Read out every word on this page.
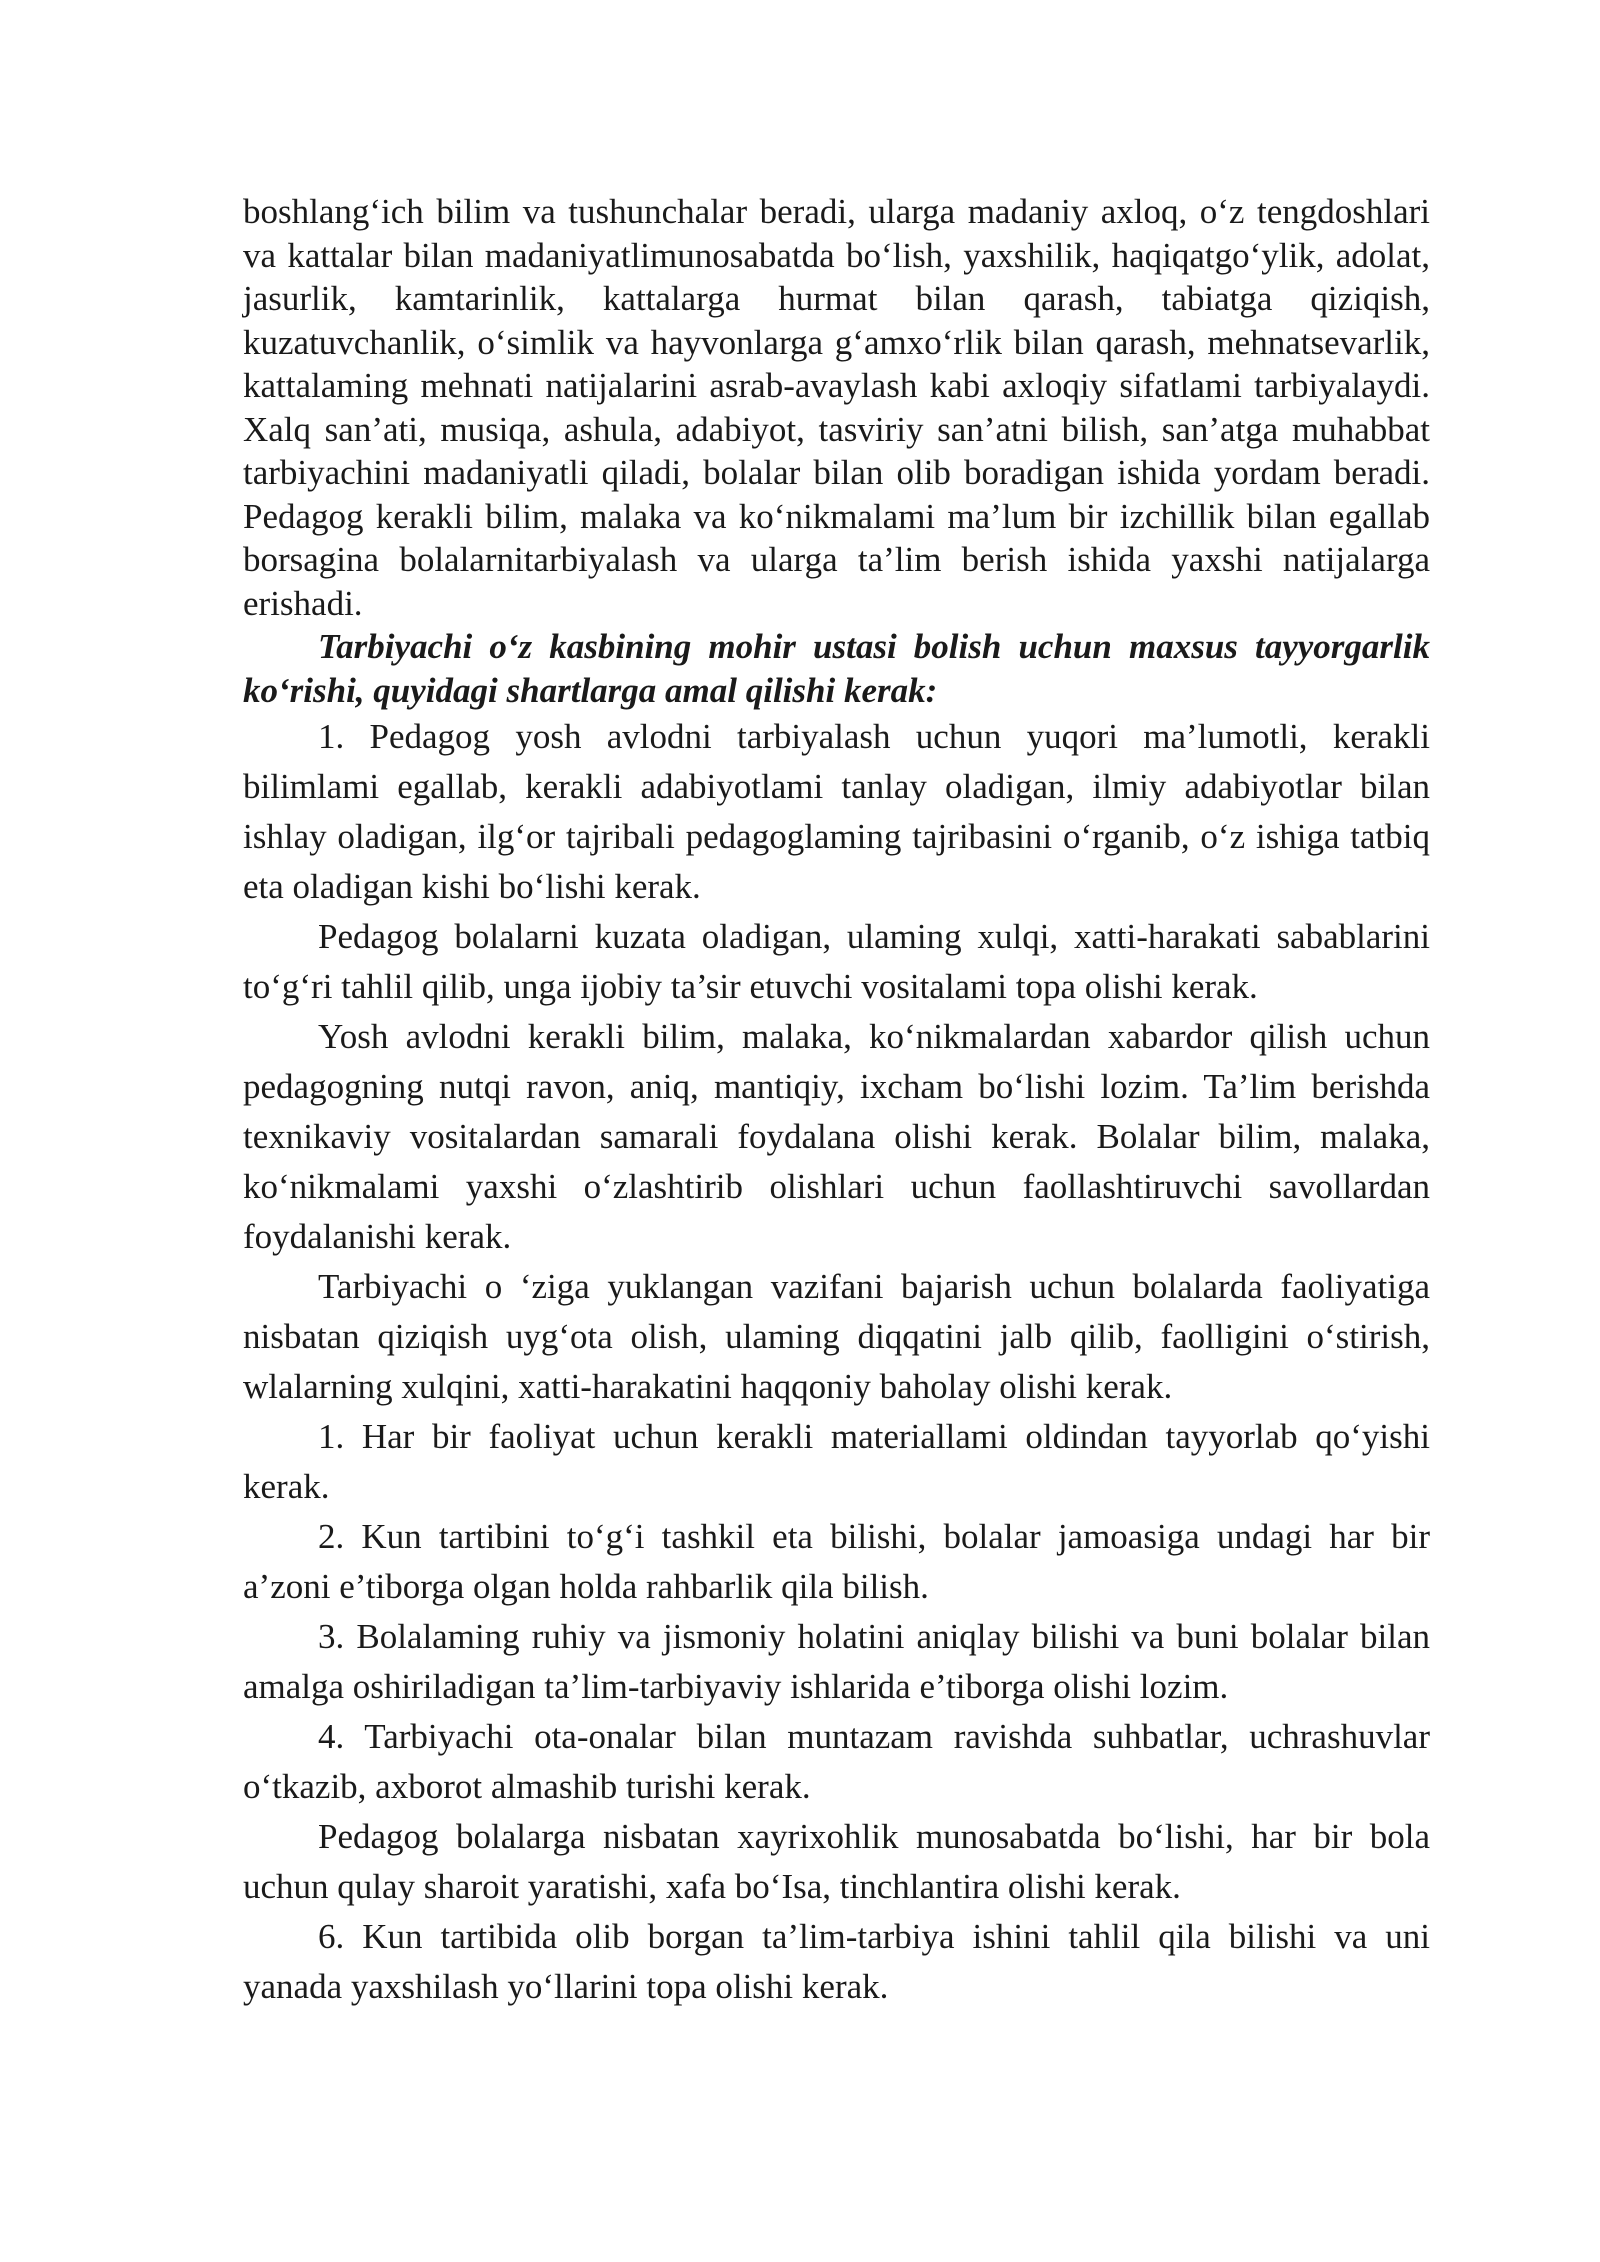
boshlang‘ich bilim va tushunchalar beradi, ularga madaniy axloq, o‘z tengdoshlari va kattalar bilan madaniyatlimunosabatda bo‘lish, yaxshilik, haqiqatgo‘ylik, adolat, jasurlik, kamtarinlik, kattalarga hurmat bilan qarash, tabiatga qiziqish, kuzatuvchanlik, o‘simlik va hayvonlarga g‘amxo‘rlik bilan qarash, mehnatsevarlik, kattalaming mehnati natijalarini asrab-avaylash kabi axloqiy sifatlami tarbiyalaydi. Xalq san’ati, musiqa, ashula, adabiyot, tasviriy san’atni bilish, san’atga muhabbat tarbiyachini madaniyatli qiladi, bolalar bilan olib boradigan ishida yordam beradi. Pedagog kerakli bilim, malaka va ko‘nikmalami ma’lum bir izchillik bilan egallab borsagina bolalarnitarbiyalash va ularga ta’lim berish ishida yaxshi natijalarga erishadi.

Tarbiyachi o‘z kasbining mohir ustasi bolish uchun maxsus tayyorgarlik ko‘rishi, quyidagi shartlarga amal qilishi kerak:

1. Pedagog yosh avlodni tarbiyalash uchun yuqori ma’lumotli, kerakli bilimlami egallab, kerakli adabiyotlami tanlay oladigan, ilmiy adabiyotlar bilan ishlay oladigan, ilg‘or tajribali pedagoglaming tajribasini o‘rganib, o‘z ishiga tatbiq eta oladigan kishi bo‘lishi kerak.

Pedagog bolalarni kuzata oladigan, ulaming xulqi, xatti-harakati sabablarini to‘g‘ri tahlil qilib, unga ijobiy ta’sir etuvchi vositalami topa olishi kerak.

Yosh avlodni kerakli bilim, malaka, ko‘nikmalardan xabardor qilish uchun pedagogning nutqi ravon, aniq, mantiqiy, ixcham bo‘lishi lozim. Ta’lim berishda texnikaviy vositalardan samarali foydalana olishi kerak. Bolalar bilim, malaka, ko‘nikmalami yaxshi o‘zlashtirib olishlari uchun faollashtiruvchi savollardan foydalanishi kerak.

Tarbiyachi o ‘ziga yuklangan vazifani bajarish uchun bolalarda faoliyatiga nisbatan qiziqish uyg‘ota olish, ulaming diqqatini jalb qilib, faolligini o‘stirish, wlalarning xulqini, xatti-harakatini haqqoniy baholay olishi kerak.

1. Har bir faoliyat uchun kerakli materiallami oldindan tayyorlab qo‘yishi kerak.

2. Kun tartibini to‘g‘i tashkil eta bilishi, bolalar jamoasiga undagi har bir a’zoni e’tiborga olgan holda rahbarlik qila bilish.

3. Bolalaming ruhiy va jismoniy holatini aniqlay bilishi va buni bolalar bilan amalga oshiriladigan ta’lim-tarbiyaviy ishlarida e’tiborga olishi lozim.

4. Tarbiyachi ota-onalar bilan muntazam ravishda suhbatlar, uchrashuvlar o‘tkazib, axborot almashib turishi kerak.

Pedagog bolalarga nisbatan xayrixohlik munosabatda bo‘lishi, har bir bola uchun qulay sharoit yaratishi, xafa bo‘Isa, tinchlantira olishi kerak.

6. Kun tartibida olib borgan ta’lim-tarbiya ishini tahlil qila bilishi va uni yanada yaxshilash yo‘llarini topa olishi kerak.
